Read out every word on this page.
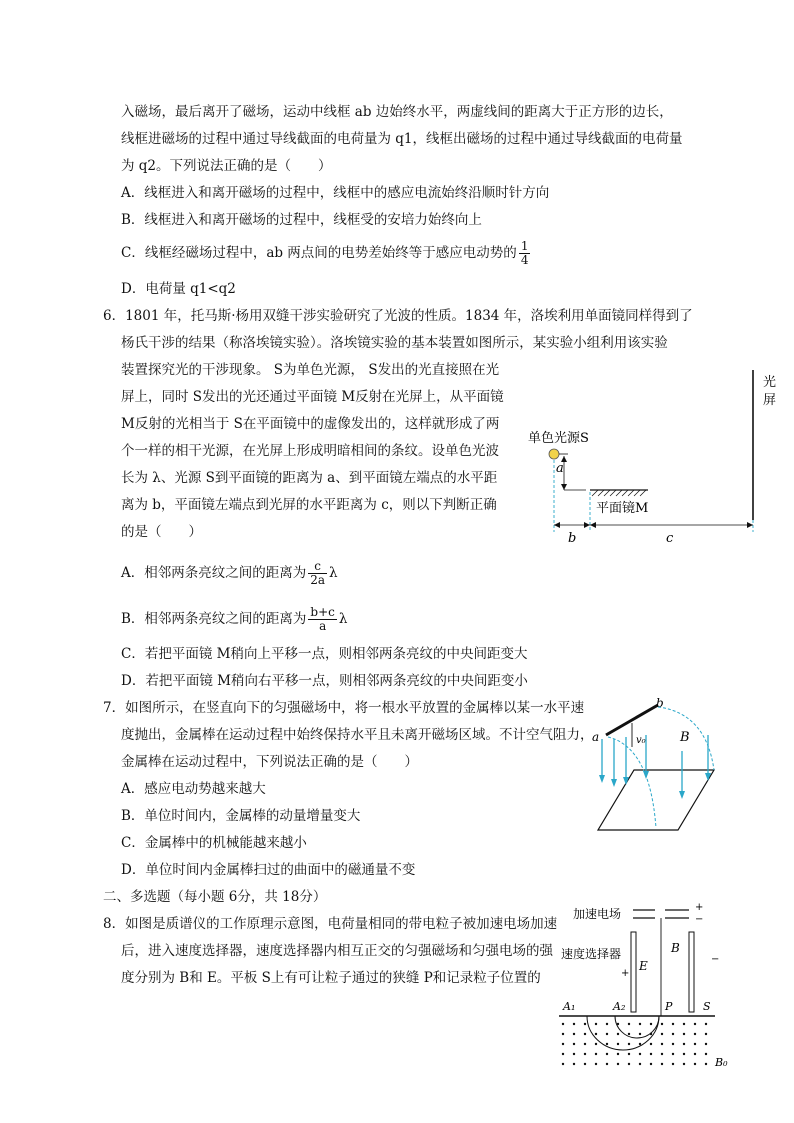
入磁场，最后离开了磁场，运动中线框 ab 边始终水平，两虚线间的距离大于正方形的边长，
线框进磁场的过程中通过导线截面的电荷量为 q1，线框出磁场的过程中通过导线截面的电荷量
为 q2。下列说法正确的是（　　）
A．线框进入和离开磁场的过程中，线框中的感应电流始终沿顺时针方向
B．线框进入和离开磁场的过程中，线框受的安培力始终向上
C．线框经磁场过程中，ab 两点间的电势差始终等于感应电动势的 $\frac{1}{4}$
D．电荷量 q1<q2
6．1801 年，托马斯·杨用双缝干涉实验研究了光波的性质。1834 年，洛埃利用单面镜同样得到了
杨氏干涉的结果（称洛埃镜实验）。洛埃镜实验的基本装置如图所示，某实验小组利用该实验
装置探究光的干涉现象。 S为单色光源， S发出的光直接照在光
屏上，同时 S发出的光还通过平面镜 M反射在光屏上，从平面镜
M反射的光相当于 S在平面镜中的虚像发出的，这样就形成了两
个一样的相干光源，在光屏上形成明暗相间的条纹。设单色光波
长为 λ、光源 S到平面镜的距离为 a、到平面镜左端点的水平距
离为 b，平面镜左端点到光屏的水平距离为 c，则以下判断正确
的是（　　）
A．相邻两条亮纹之间的距离为 $\frac{c}{2a}$ λ
B．相邻两条亮纹之间的距离为 $\frac{b+c}{a}$ λ
C．若把平面镜 M稍向上平移一点，则相邻两条亮纹的中央间距变大
D．若把平面镜 M稍向右平移一点，则相邻两条亮纹的中央间距变小
光
屏
单色光源S
a
平面镜M
b	c
7．如图所示，在竖直向下的匀强磁场中，将一根水平放置的金属棒以某一水平速
度抛出，金属棒在运动过程中始终保持水平且未离开磁场区域。不计空气阻力，
金属棒在运动过程中，下列说法正确的是（　　）
A．感应电动势越来越大
B．单位时间内，金属棒的动量增量变大
C．金属棒中的机械能越来越小
D．单位时间内金属棒扫过的曲面中的磁通量不变
a
b
v₀	B
二、多选题（每小题 6分，共 18分）
8．如图是质谱仪的工作原理示意图，电荷量相同的带电粒子被加速电场加速
后，进入速度选择器，速度选择器内相互正交的匀强磁场和匀强电场的强
度分别为 B和 E。平板 S上有可让粒子通过的狭缝 P和记录粒子位置的
加速电场	+
−
速度选择器
E
B
+
−
A₁	A₂	P	S
B₀
